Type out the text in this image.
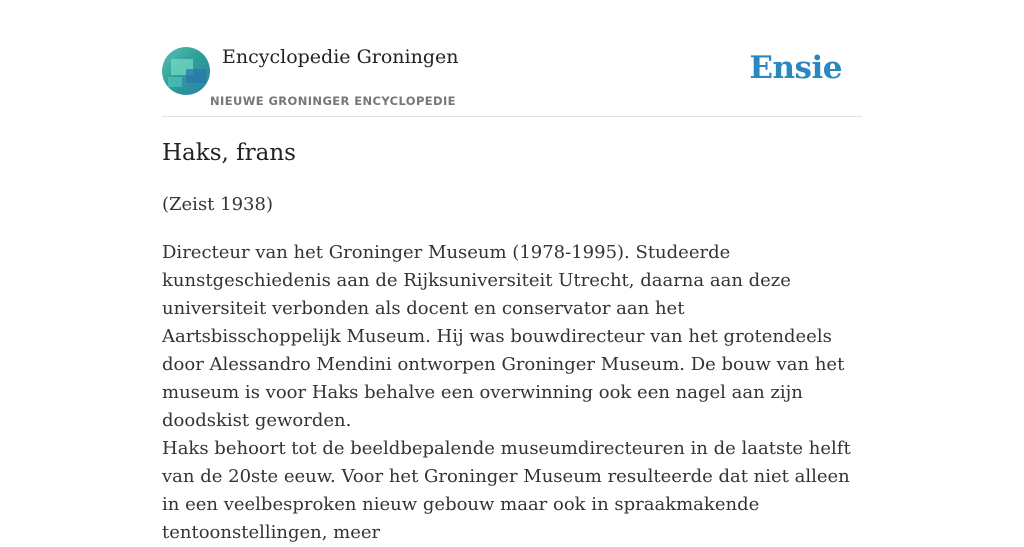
Encyclopedie Groningen
NIEUWE GRONINGER ENCYCLOPEDIE
Ensie
Haks, frans

(Zeist 1938)

Directeur van het Groninger Museum (1978-1995). Studeerde kunstgeschiedenis aan de Rijksuniversiteit Utrecht, daarna aan deze universiteit verbonden als docent en conservator aan het Aartsbisschoppelijk Museum. Hij was bouwdirecteur van het grotendeels door Alessandro Mendini ontworpen Groninger Museum. De bouw van het museum is voor Haks behalve een overwinning ook een nagel aan zijn doodskist geworden.

Haks behoort tot de beeldbepalende museumdirecteuren in de laatste helft van de 20ste eeuw. Voor het Groninger Museum resulteerde dat niet alleen in een veelbesproken nieuw gebouw maar ook in spraakmakende tentoonstellingen, meer
